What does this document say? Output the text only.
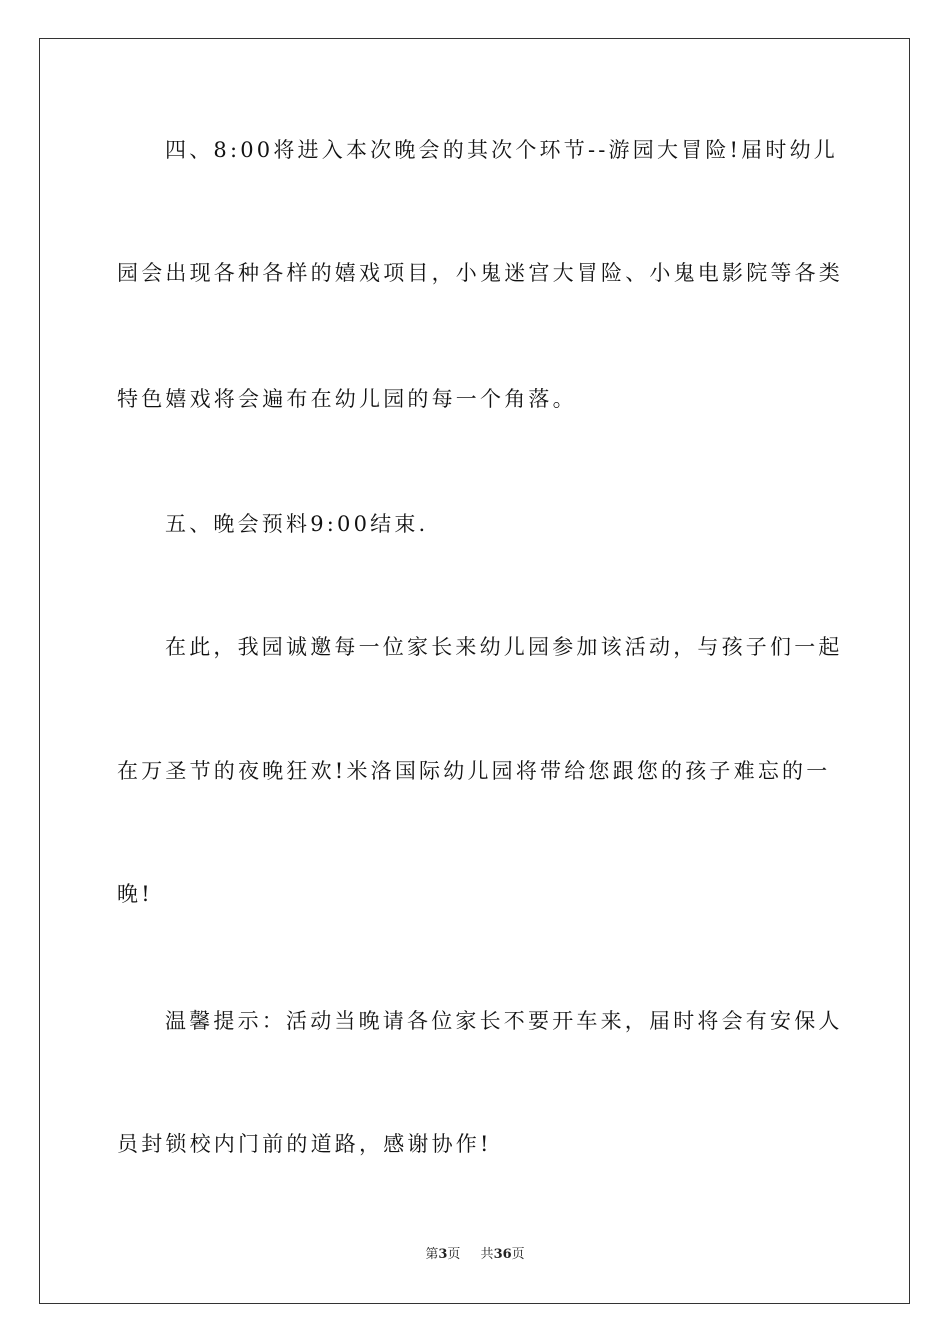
四、8:00将进入本次晚会的其次个环节--游园大冒险!届时幼儿
园会出现各种各样的嬉戏项目，小鬼迷宫大冒险、小鬼电影院等各类
特色嬉戏将会遍布在幼儿园的每一个角落。
五、晚会预料9:00结束.
在此，我园诚邀每一位家长来幼儿园参加该活动，与孩子们一起
在万圣节的夜晚狂欢!米洛国际幼儿园将带给您跟您的孩子难忘的一
晚!
温馨提示：活动当晚请各位家长不要开车来，届时将会有安保人
员封锁校内门前的道路，感谢协作!
第3页 共36页
